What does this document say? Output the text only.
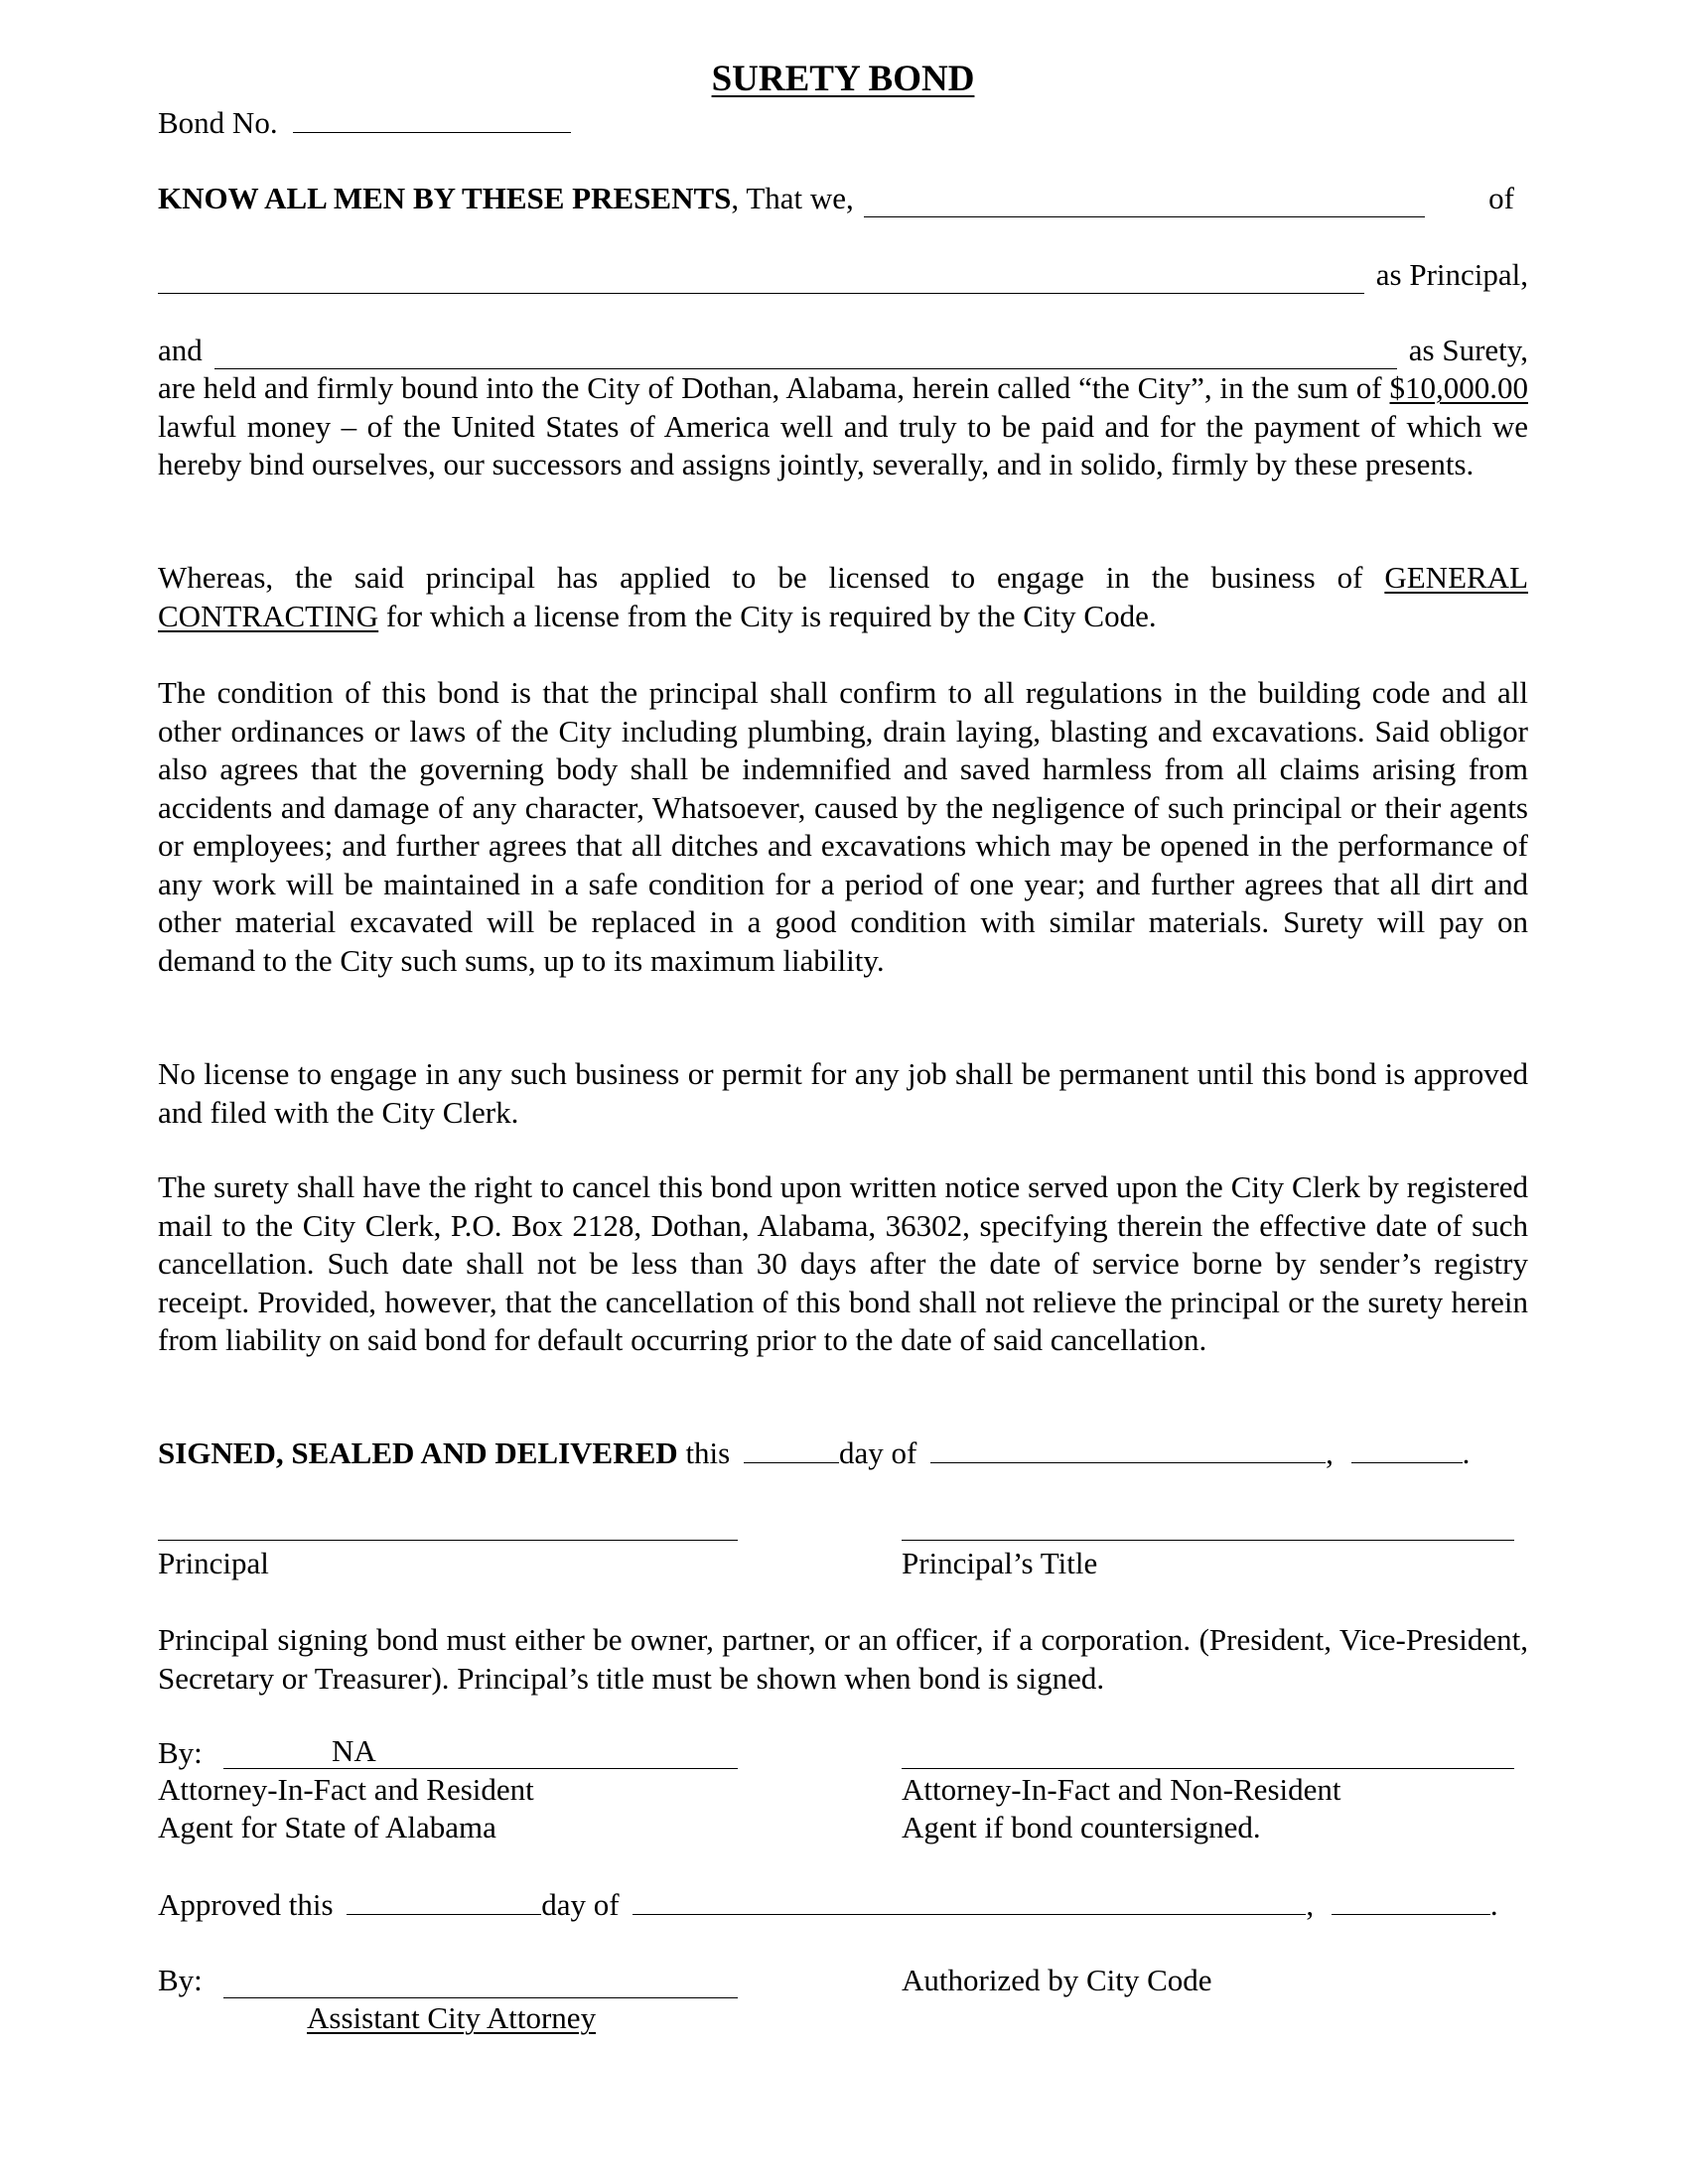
SURETY BOND
Bond No.
KNOW ALL MEN BY THESE PRESENTS , That we,	of
as Principal,
and	as Surety,
are held and firmly bound into the City of Dothan, Alabama, herein called “the City”, in the sum of $10,000.00 lawful money – of the United States of America well and truly to be paid and for the payment of which we hereby bind ourselves, our successors and assigns jointly, severally, and in solido, firmly by these presents.
Whereas, the said principal has applied to be licensed to engage in the business of GENERAL CONTRACTING for which a license from the City is required by the City Code.
The condition of this bond is that the principal shall confirm to all regulations in the building code and all other ordinances or laws of the City including plumbing, drain laying, blasting and excavations. Said obligor also agrees that the governing body shall be indemnified and saved harmless from all claims arising from accidents and damage of any character, Whatsoever, caused by the negligence of such principal or their agents or employees; and further agrees that all ditches and excavations which may be opened in the performance of any work will be maintained in a safe condition for a period of one year; and further agrees that all dirt and other material excavated will be replaced in a good condition with similar materials. Surety will pay on demand to the City such sums, up to its maximum liability.
No license to engage in any such business or permit for any job shall be permanent until this bond is approved and filed with the City Clerk.
The surety shall have the right to cancel this bond upon written notice served upon the City Clerk by registered mail to the City Clerk, P.O. Box 2128, Dothan, Alabama, 36302, specifying therein the effective date of such cancellation. Such date shall not be less than 30 days after the date of service borne by sender’s registry receipt. Provided, however, that the cancellation of this bond shall not relieve the principal or the surety herein from liability on said bond for default occurring prior to the date of said cancellation.
SIGNED, SEALED AND DELIVERED this	day of	,	.
Principal	Principal’s Title
Principal signing bond must either be owner, partner, or an officer, if a corporation. (President, Vice-President, Secretary or Treasurer). Principal’s title must be shown when bond is signed.
By:	NA
Attorney-In-Fact and Resident
Agent for State of Alabama
Attorney-In-Fact and Non-Resident
Agent if bond countersigned.
Approved this	day of	,	.
By:	Authorized by City Code
Assistant City Attorney
